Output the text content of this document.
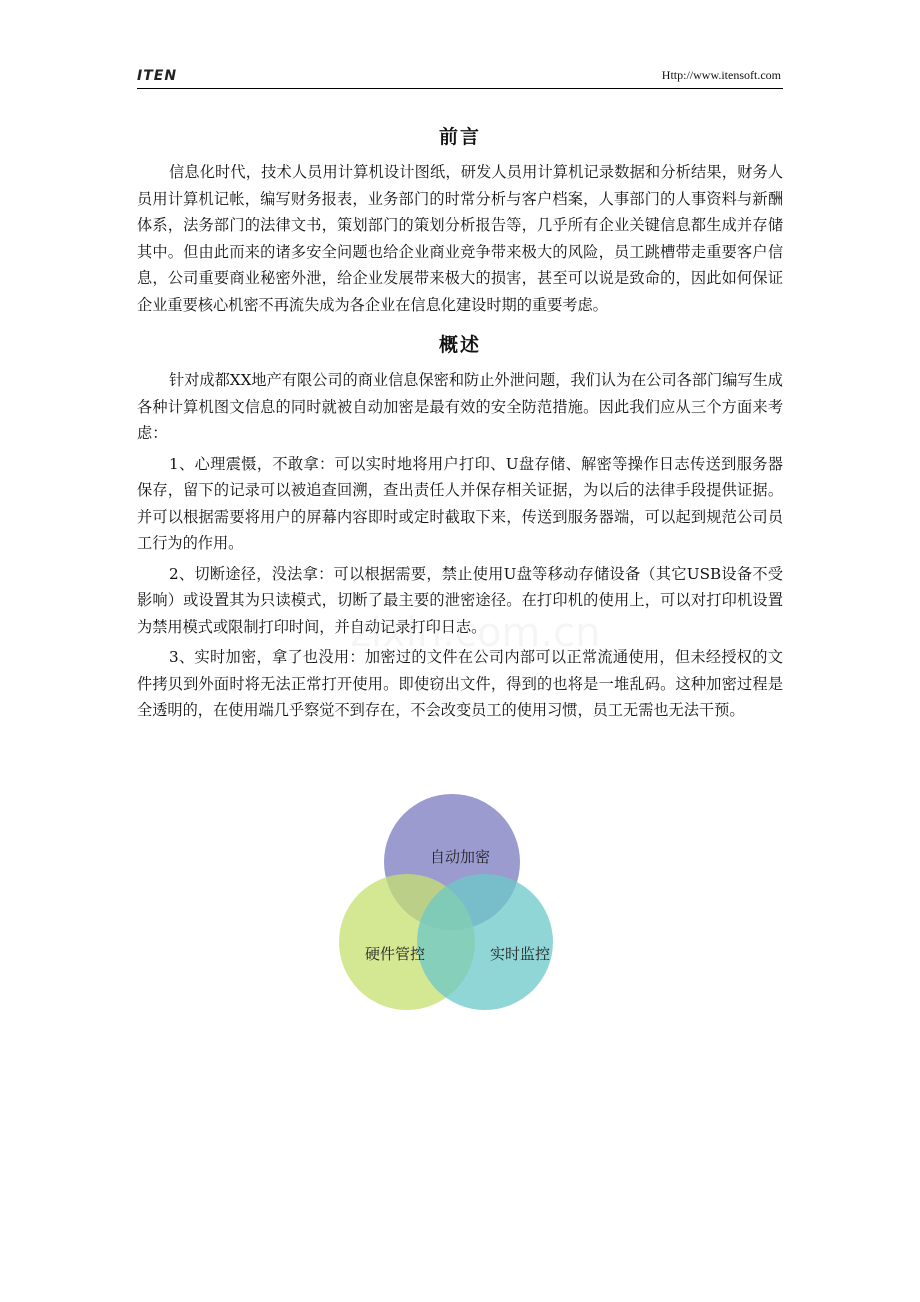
ITEN	Http://www.itensoft.com
前言

信息化时代，技术人员用计算机设计图纸，研发人员用计算机记录数据和分析结果，财务人员用计算机记帐，编写财务报表，业务部门的时常分析与客户档案，人事部门的人事资料与新酬体系，法务部门的法律文书，策划部门的策划分析报告等，几乎所有企业关键信息都生成并存储其中。但由此而来的诸多安全问题也给企业商业竞争带来极大的风险，员工跳槽带走重要客户信息，公司重要商业秘密外泄，给企业发展带来极大的损害，甚至可以说是致命的，因此如何保证企业重要核心机密不再流失成为各企业在信息化建设时期的重要考虑。

概述

针对成都XX地产有限公司的商业信息保密和防止外泄问题，我们认为在公司各部门编写生成各种计算机图文信息的同时就被自动加密是最有效的安全防范措施。因此我们应从三个方面来考虑：

1、心理震慑，不敢拿：可以实时地将用户打印、U盘存储、解密等操作日志传送到服务器保存，留下的记录可以被追查回溯，查出责任人并保存相关证据，为以后的法律手段提供证据。并可以根据需要将用户的屏幕内容即时或定时截取下来，传送到服务器端，可以起到规范公司员工行为的作用。

2、切断途径，没法拿：可以根据需要，禁止使用U盘等移动存储设备（其它USB设备不受影响）或设置其为只读模式，切断了最主要的泄密途径。在打印机的使用上，可以对打印机设置为禁用模式或限制打印时间，并自动记录打印日志。

3、实时加密，拿了也没用：加密过的文件在公司内部可以正常流通使用，但未经授权的文件拷贝到外面时将无法正常打开使用。即使窃出文件，得到的也将是一堆乱码。这种加密过程是全透明的，在使用端几乎察觉不到存在，不会改变员工的使用习惯，员工无需也无法干预。

自动加密
硬件管控	实时监控
